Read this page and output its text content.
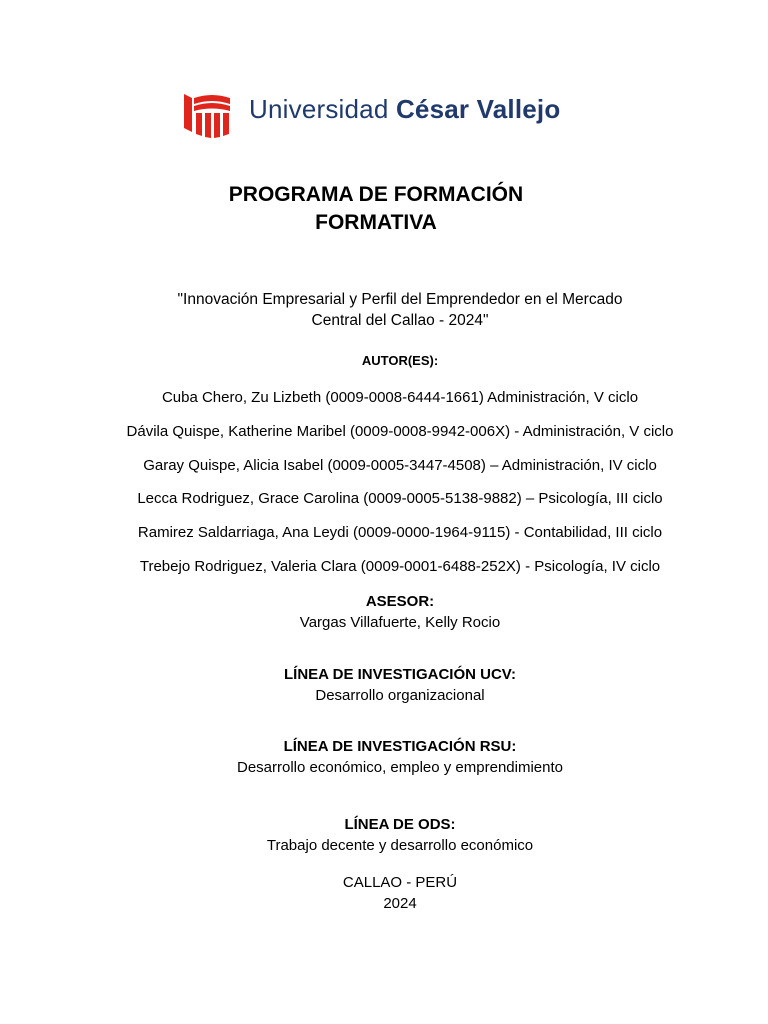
Universidad César Vallejo
PROGRAMA DE FORMACIÓN
FORMATIVA
"Innovación Empresarial y Perfil del Emprendedor en el Mercado
Central del Callao - 2024"
AUTOR(ES):
Cuba Chero, Zu Lizbeth (0009-0008-6444-1661) Administración, V ciclo
Dávila Quispe, Katherine Maribel (0009-0008-9942-006X) - Administración, V ciclo
Garay Quispe, Alicia Isabel (0009-0005-3447-4508) – Administración, IV ciclo
Lecca Rodriguez, Grace Carolina (0009-0005-5138-9882) – Psicología, III ciclo
Ramirez Saldarriaga, Ana Leydi (0009-0000-1964-9115) - Contabilidad, III ciclo
Trebejo Rodriguez, Valeria Clara (0009-0001-6488-252X) - Psicología, IV ciclo
ASESOR:
Vargas Villafuerte, Kelly Rocio
LÍNEA DE INVESTIGACIÓN UCV:
Desarrollo organizacional
LÍNEA DE INVESTIGACIÓN RSU:
Desarrollo económico, empleo y emprendimiento
LÍNEA DE ODS:
Trabajo decente y desarrollo económico
CALLAO - PERÚ
2024
